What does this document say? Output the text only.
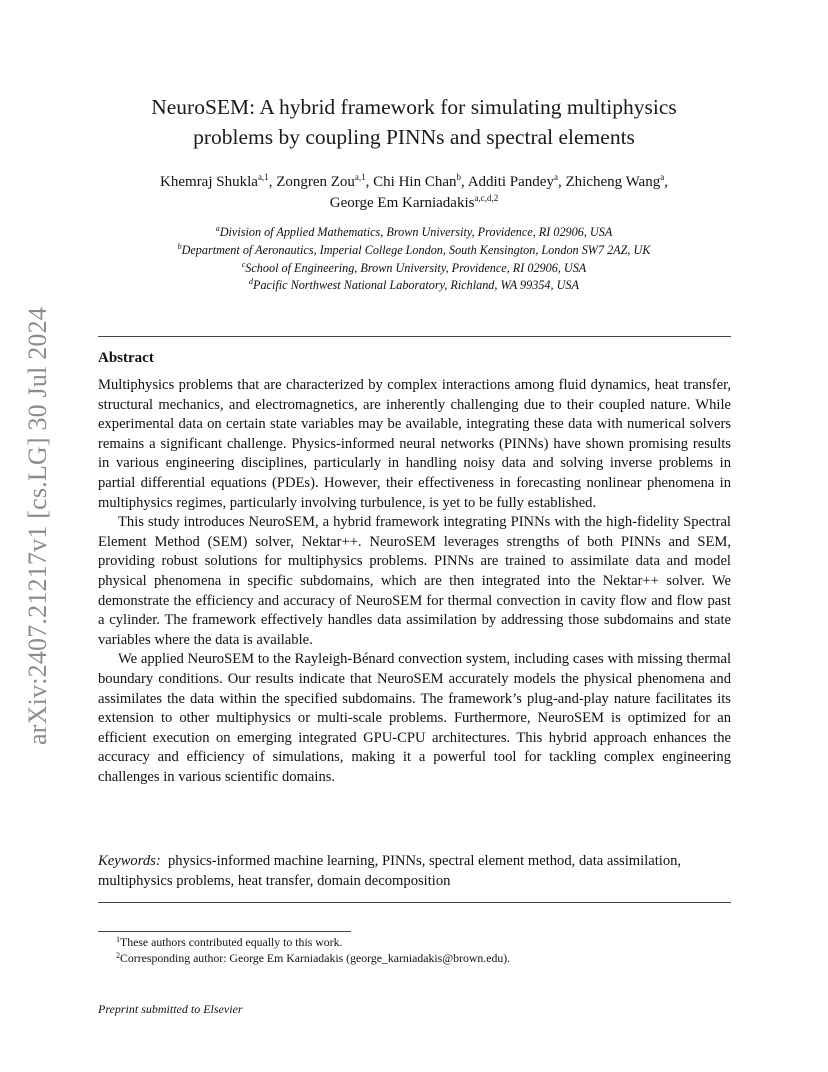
arXiv:2407.21217v1 [cs.LG] 30 Jul 2024
NeuroSEM: A hybrid framework for simulating multiphysics
problems by coupling PINNs and spectral elements
Khemraj Shukla$^{a,1}$, Zongren Zou$^{a,1}$, Chi Hin Chan$^b$, Additi Pandey$^a$, Zhicheng Wang$^a$,
George Em Karniadakis$^{a,c,d,2}$
$^a$Division of Applied Mathematics, Brown University, Providence, RI 02906, USA
$^b$Department of Aeronautics, Imperial College London, South Kensington, London SW7 2AZ, UK
$^c$School of Engineering, Brown University, Providence, RI 02906, USA
$^d$Pacific Northwest National Laboratory, Richland, WA 99354, USA
Abstract

Multiphysics problems that are characterized by complex interactions among fluid dynamics, heat transfer, structural mechanics, and electromagnetics, are inherently challenging due to their coupled nature. While experimental data on certain state variables may be available, integrating these data with numerical solvers remains a significant challenge. Physics-informed neural networks (PINNs) have shown promising results in various engineering disciplines, particularly in handling noisy data and solving inverse problems in partial differential equations (PDEs). However, their effectiveness in forecasting nonlinear phenomena in multiphysics regimes, particularly involving turbulence, is yet to be fully established.

This study introduces NeuroSEM, a hybrid framework integrating PINNs with the high-fidelity Spectral Element Method (SEM) solver, Nektar++. NeuroSEM leverages strengths of both PINNs and SEM, providing robust solutions for multiphysics problems. PINNs are trained to assimilate data and model physical phenomena in specific subdomains, which are then integrated into the Nektar++ solver. We demonstrate the efficiency and accuracy of NeuroSEM for thermal convection in cavity flow and flow past a cylinder. The framework effectively handles data assimilation by addressing those subdomains and state variables where the data is available.

We applied NeuroSEM to the Rayleigh-Bénard convection system, including cases with missing thermal boundary conditions. Our results indicate that NeuroSEM accurately models the physical phenomena and assimilates the data within the specified subdomains. The framework’s plug-and-play nature facilitates its extension to other multiphysics or multi-scale problems. Furthermore, NeuroSEM is optimized for an efficient execution on emerging integrated GPU-CPU architectures. This hybrid approach enhances the accuracy and efficiency of simulations, making it a powerful tool for tackling complex engineering challenges in various scientific domains.

Keywords: physics-informed machine learning, PINNs, spectral element method, data assimilation, multiphysics problems, heat transfer, domain decomposition
$^1$These authors contributed equally to this work.
$^2$Corresponding author: George Em Karniadakis (george_karniadakis@brown.edu).
Preprint submitted to Elsevier
